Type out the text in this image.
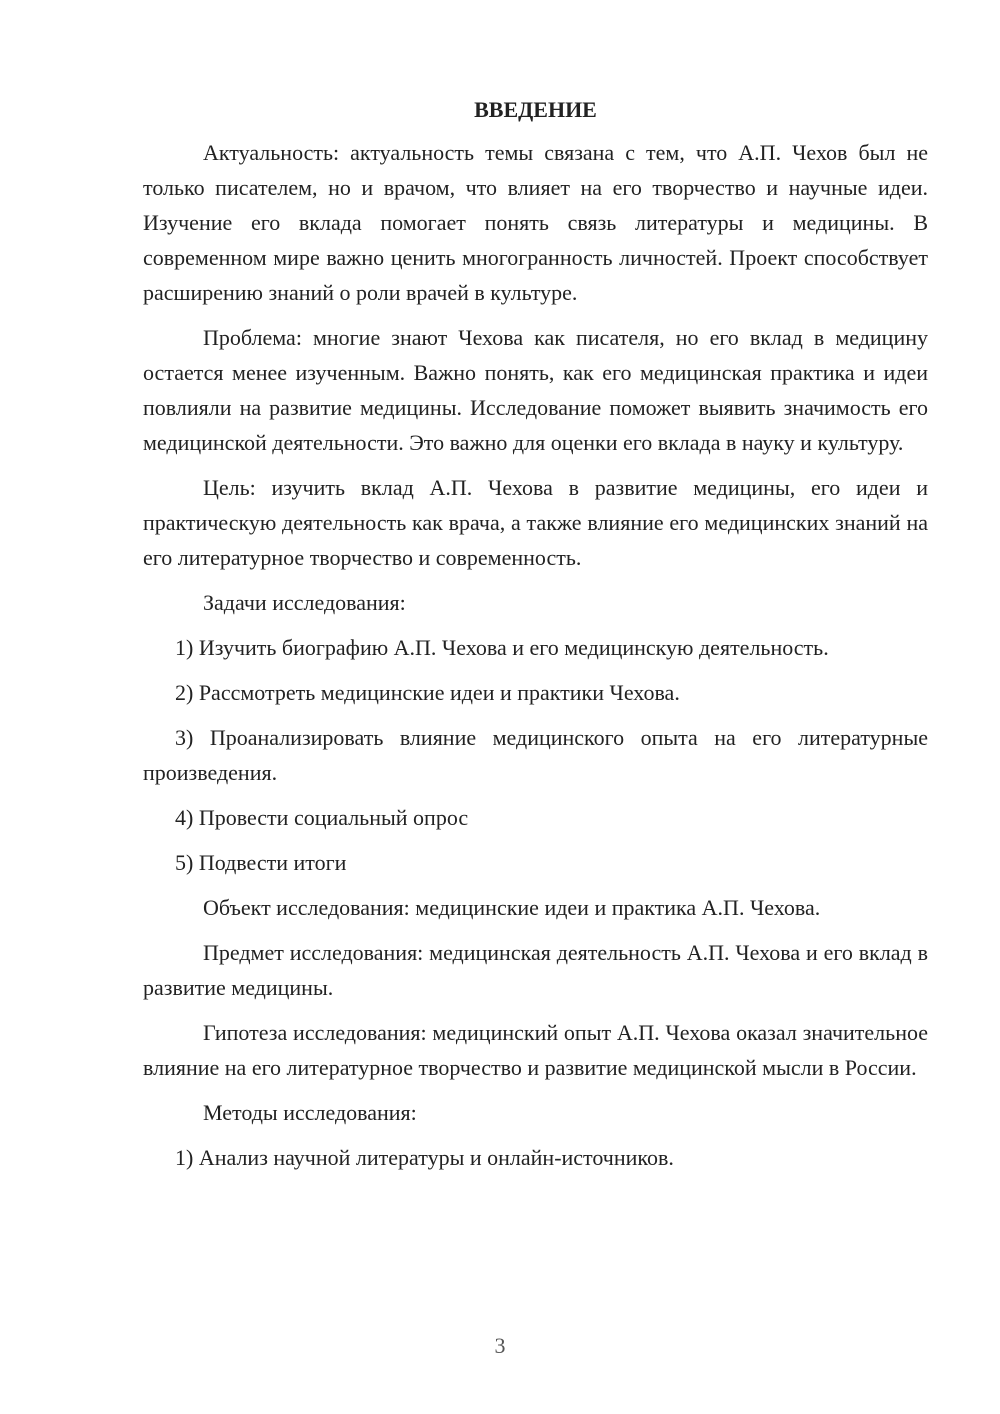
ВВЕДЕНИЕ

Актуальность: актуальность темы связана с тем, что А.П. Чехов был не только писателем, но и врачом, что влияет на его творчество и научные идеи. Изучение его вклада помогает понять связь литературы и медицины. В современном мире важно ценить многогранность личностей. Проект способствует расширению знаний о роли врачей в культуре.

Проблема: многие знают Чехова как писателя, но его вклад в медицину остается менее изученным. Важно понять, как его медицинская практика и идеи повлияли на развитие медицины. Исследование поможет выявить значимость его медицинской деятельности. Это важно для оценки его вклада в науку и культуру.

Цель: изучить вклад А.П. Чехова в развитие медицины, его идеи и практическую деятельность как врача, а также влияние его медицинских знаний на его литературное творчество и современность.

Задачи исследования:

1) Изучить биографию А.П. Чехова и его медицинскую деятельность.

2) Рассмотреть медицинские идеи и практики Чехова.

3) Проанализировать влияние медицинского опыта на его литературные произведения.

4) Провести социальный опрос

5) Подвести итоги

Объект исследования: медицинские идеи и практика А.П. Чехова.

Предмет исследования: медицинская деятельность А.П. Чехова и его вклад в развитие медицины.

Гипотеза исследования: медицинский опыт А.П. Чехова оказал значительное влияние на его литературное творчество и развитие медицинской мысли в России.

Методы исследования:

1) Анализ научной литературы и онлайн-источников.

3
